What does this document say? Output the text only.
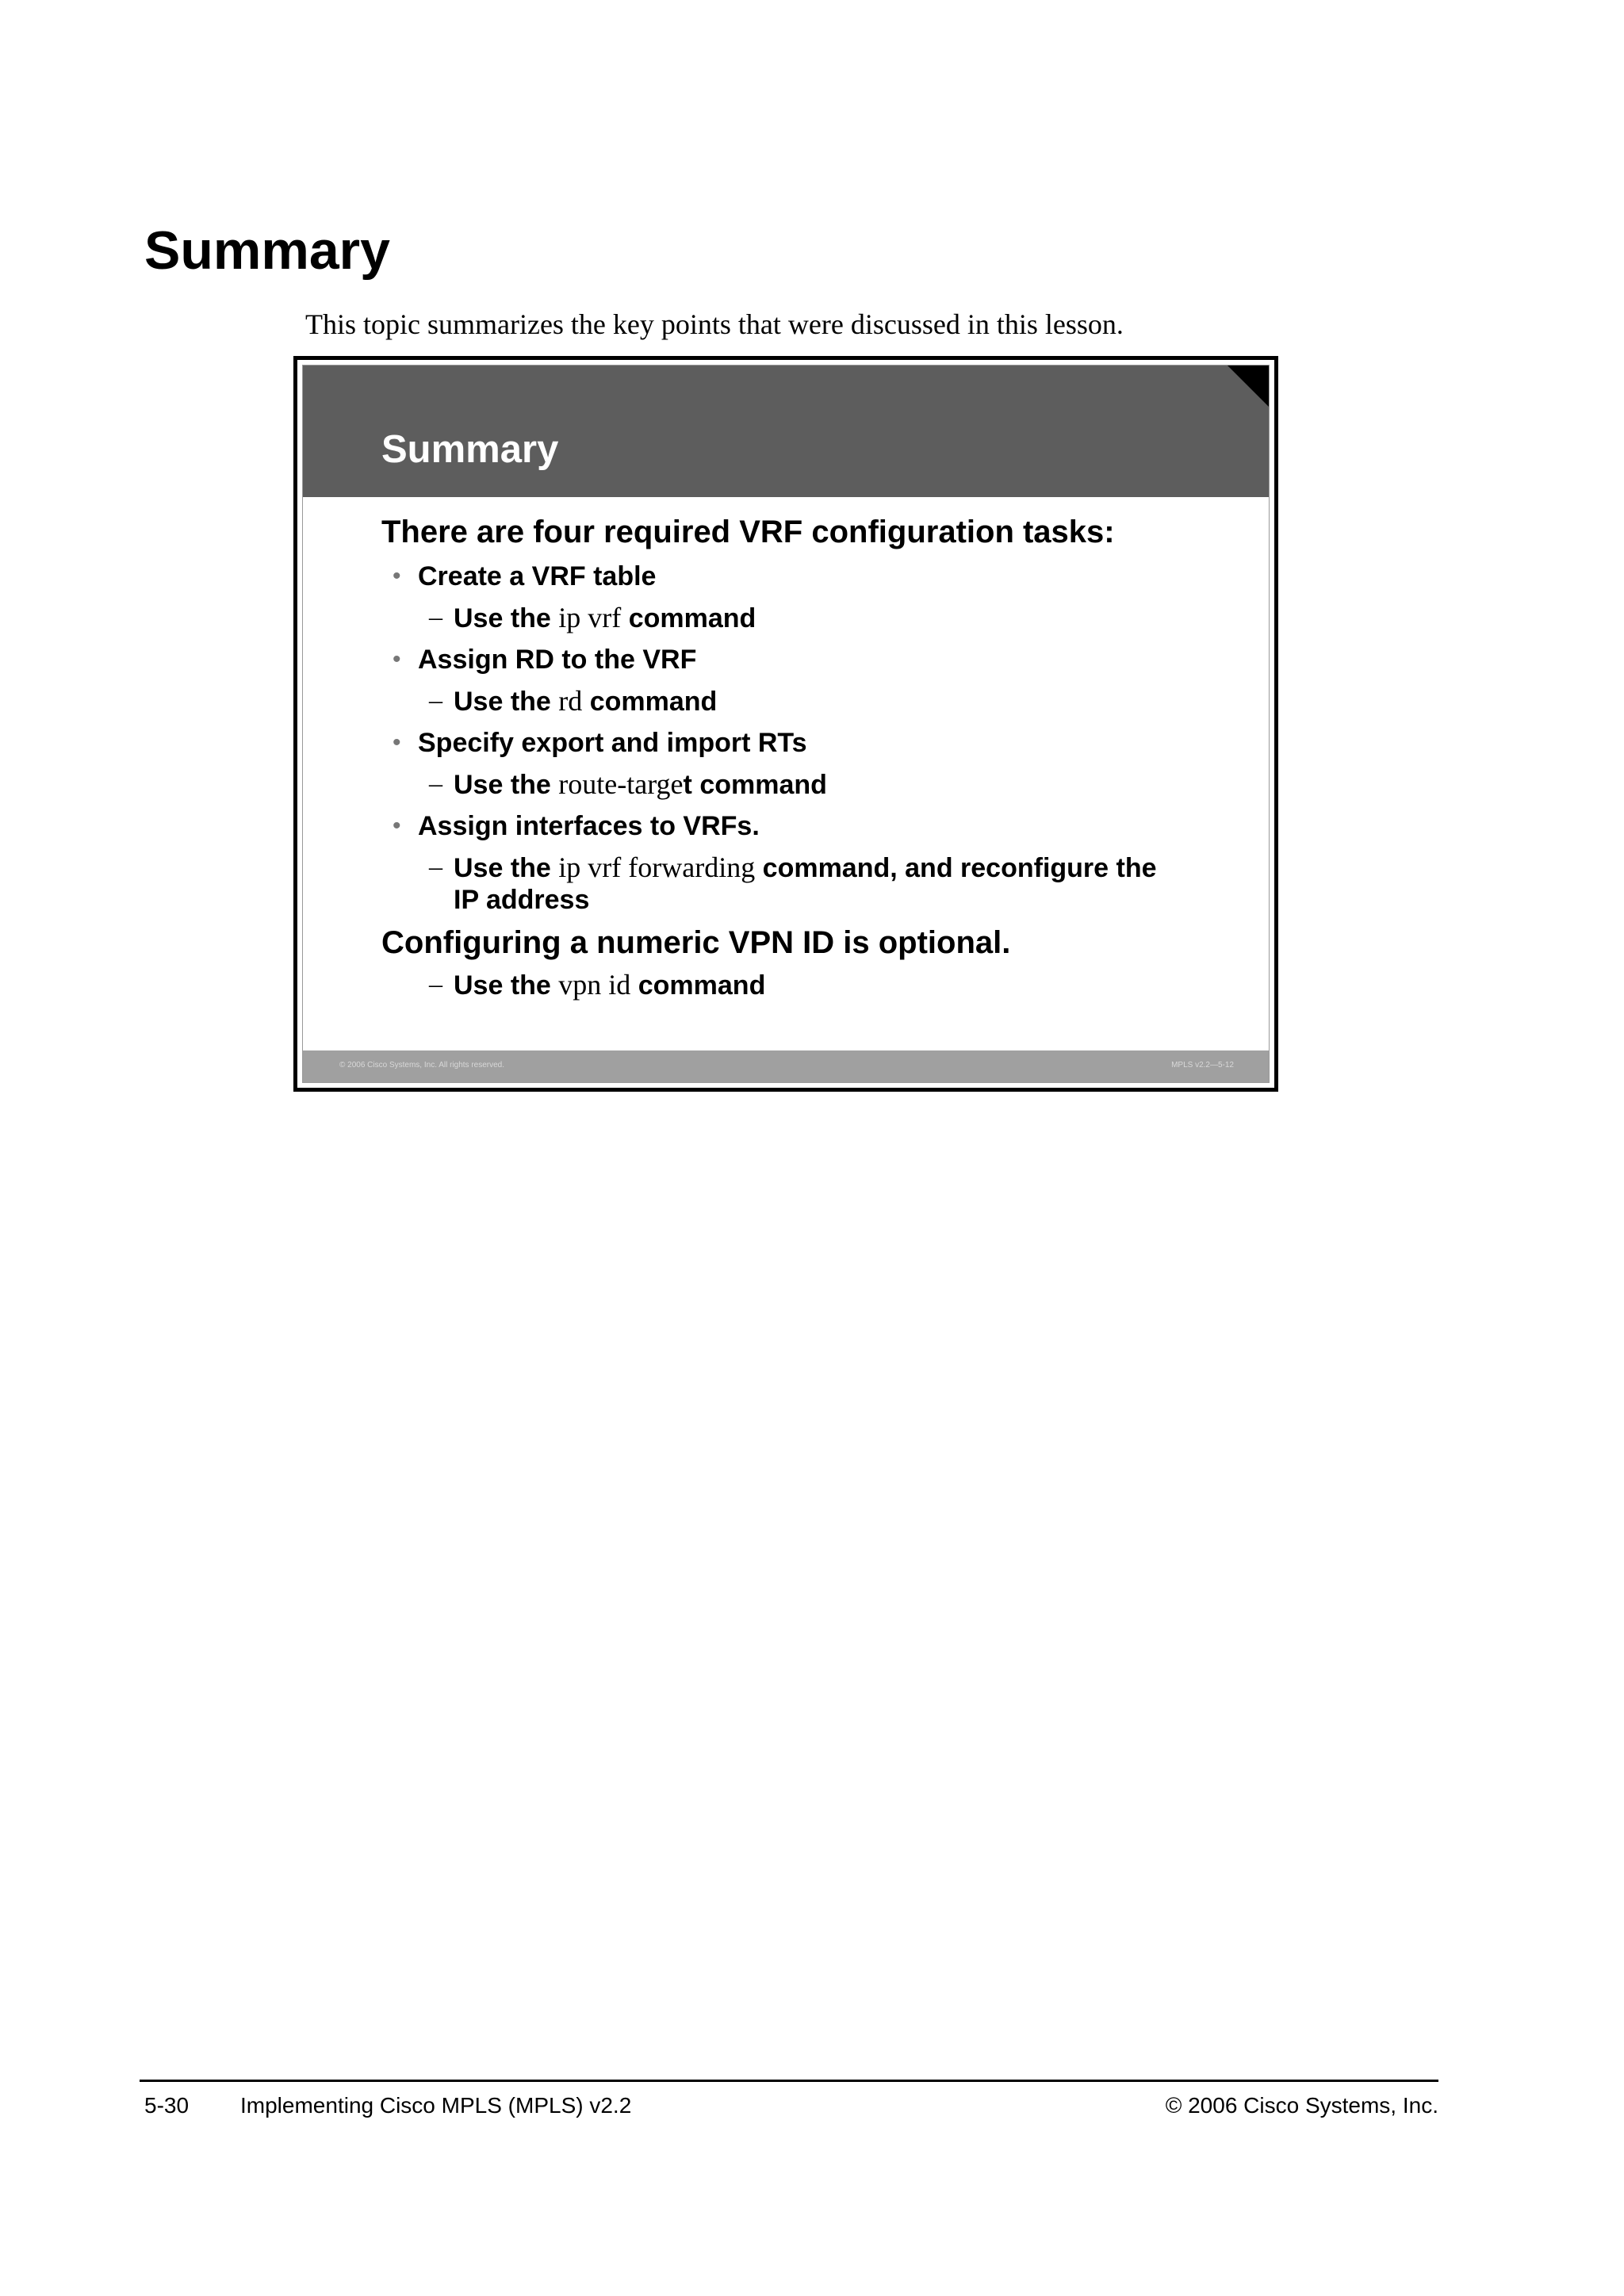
Summary

This topic summarizes the key points that were discussed in this lesson.

Summary

There are four required VRF configuration tasks:

• Create a VRF table
– Use the ip vrf command
• Assign RD to the VRF
– Use the rd command
• Specify export and import RTs
– Use the route-target command
• Assign interfaces to VRFs.
– Use the ip vrf forwarding command, and reconfigure the IP address

Configuring a numeric VPN ID is optional.

– Use the vpn id command
© 2006 Cisco Systems, Inc. All rights reserved.	MPLS v2.2—5-12
5-30 Implementing Cisco MPLS (MPLS) v2.2	© 2006 Cisco Systems, Inc.
